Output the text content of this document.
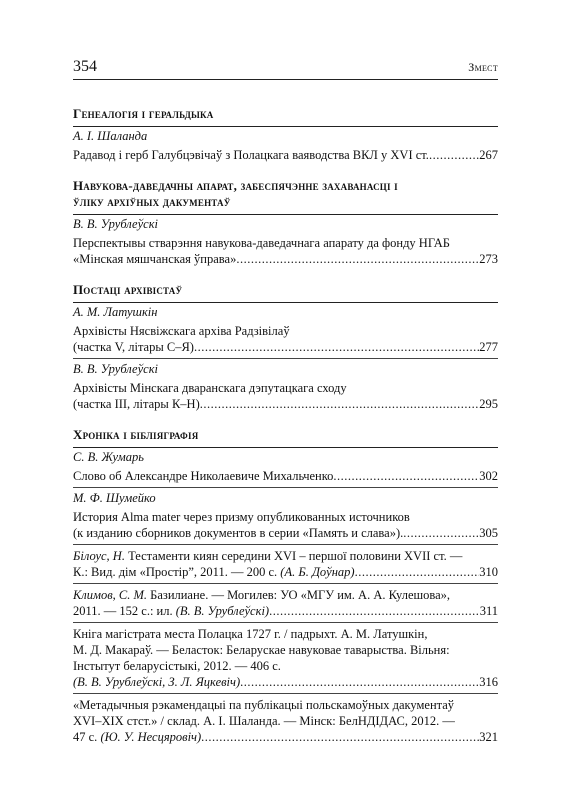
354	Змест
Генеалогія і геральдыка
А. І. Шаланда
Радавод і герб Галубцэвічаў з Полацкага ваяводства ВКЛ у XVI ст. .....	267
Навукова-даведачны апарат, забеспячэнне захаванасці і
ўліку архіўных дакументаў
В. В. Урублеўскі
Перспектывы стварэння навукова-даведачнага апарату да фонду НГАБ
«Мінская мяшчанская ўправа» .....	273
Постаці архівістаў
А. М. Латушкін
Архівісты Нясвіжскага архіва Радзівілаў
(частка V, літары С–Я) .....	277
В. В. Урублеўскі
Архівісты Мінскага дваранскага дэпутацкага сходу
(частка III, літары К–Н) .....	295
Хроніка і бібліяграфія
С. В. Жумарь
Слово об Александре Николаевиче Михальченко .....	302
М. Ф. Шумейко
История Alma mater через призму опубликованных источников
(к изданию сборников документов в серии «Память и слава»). .....	305
Білоус, Н. Тестаменти киян середини XVI – першої половини XVII ст. —
К.: Вид. дім «Простір”, 2011. — 200 с. (А. Б. Доўнар) .....	310
Климов, С. М. Базилиане. — Могилев: УО «МГУ им. А. А. Кулешова»,
2011. — 152 с.: ил. (В. В. Урублеўскі) .....	311
Кніга магістрата места Полацка 1727 г. / падрыхт. А. М. Латушкін,
М. Д. Макараў. — Беласток: Беларускае навуковае таварыства. Вільня:
Інстытут беларусістыкі, 2012. — 406 с.
(В. В. Урублеўскі, З. Л. Яцкевіч) .....	316
«Метадычныя рэкамендацыі па публікацыі польскамоўных дакументаў
XVI–XIX стст.» / склад. А. І. Шаланда. — Мінск: БелНДІДАС, 2012. —
47 с. (Ю. У. Несцяровіч) .....	321
